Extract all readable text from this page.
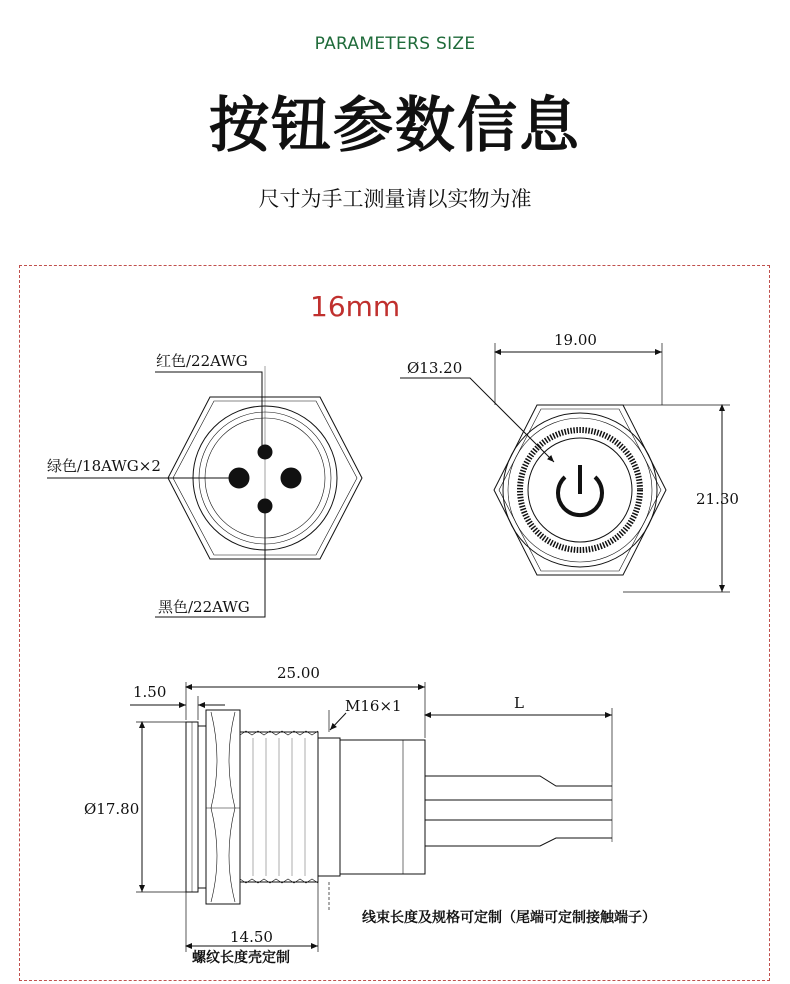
PARAMETERS SIZE
按钮参数信息
尺寸为手工测量请以实物为准
16mm
红色/22AWG
绿色/18AWG×2
黑色/22AWG
19.00
Ø13.20
21.30
25.00
1.50
M16×1	L
Ø17.80
14.50
螺纹长度壳定制
线束长度及规格可定制（尾端可定制接触端子）
